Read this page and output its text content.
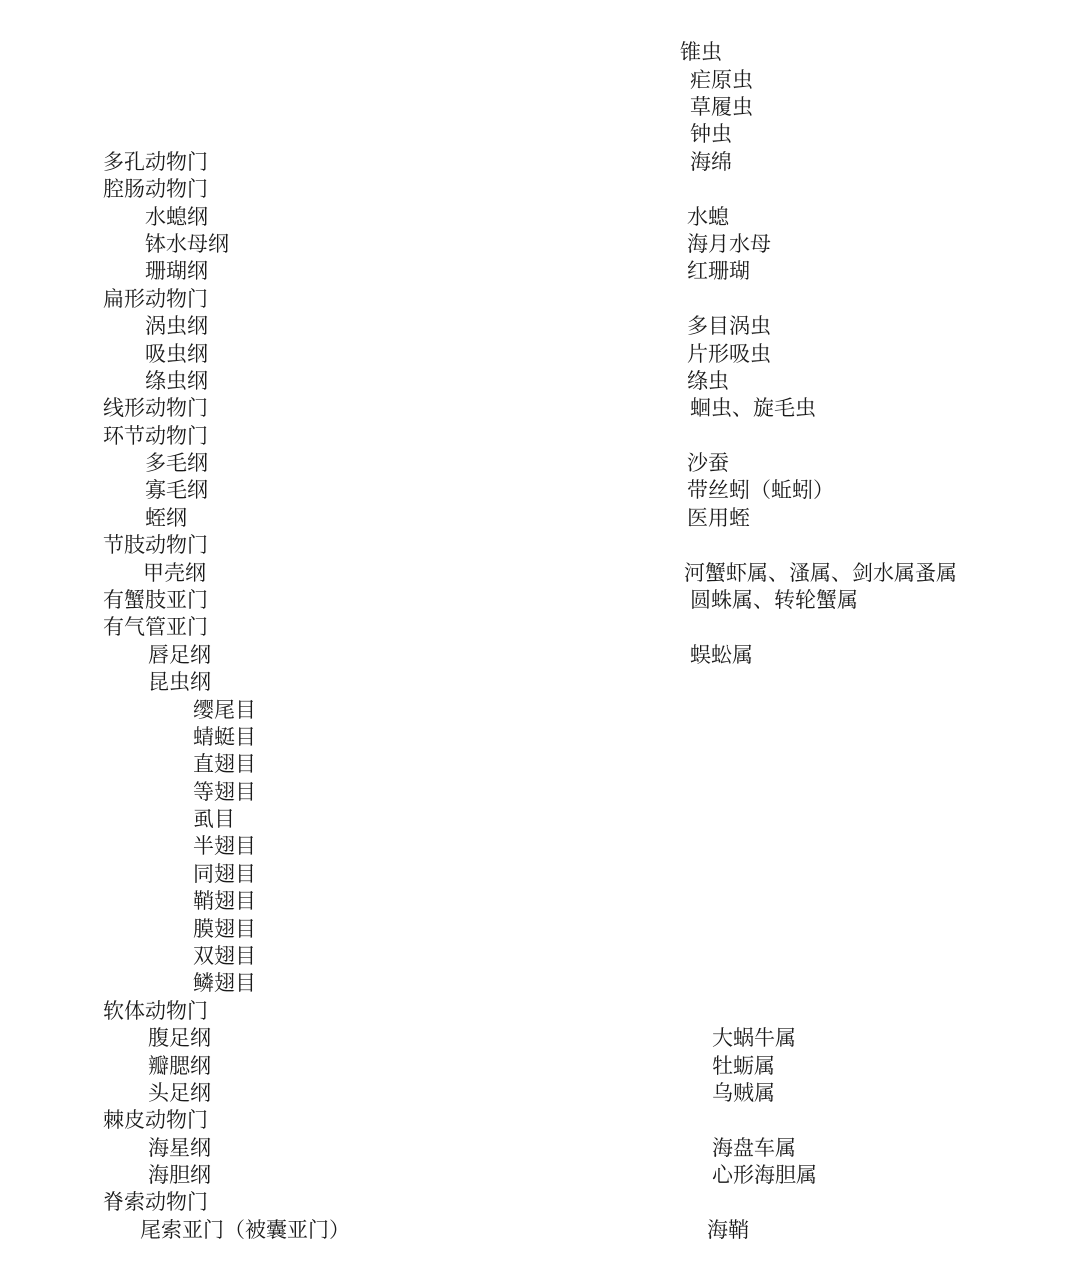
锥虫
疟原虫
草履虫
钟虫
海绵
多孔动物门
腔肠动物门
水螅纲
钵水母纲
珊瑚纲
扁形动物门
涡虫纲
吸虫纲
绦虫纲
线形动物门
环节动物门
多毛纲
寡毛纲
蛭纲
节肢动物门
甲壳纲
有蟹肢亚门
有气管亚门
唇足纲
昆虫纲
缨尾目
蜻蜓目
直翅目
等翅目
虱目
半翅目
同翅目
鞘翅目
膜翅目
双翅目
鳞翅目
软体动物门
腹足纲
瓣腮纲
头足纲
棘皮动物门
海星纲
海胆纲
脊索动物门
尾索亚门（被囊亚门）
水螅
海月水母
红珊瑚
多目涡虫
片形吸虫
绦虫
蛔虫、旋毛虫
沙蚕
带丝蚓（蚯蚓）
医用蛭
河蟹虾属、溞属、剑水属蚤属
圆蛛属、转轮蟹属
蜈蚣属
大蜗牛属
牡蛎属
乌贼属
海盘车属
心形海胆属
海鞘
